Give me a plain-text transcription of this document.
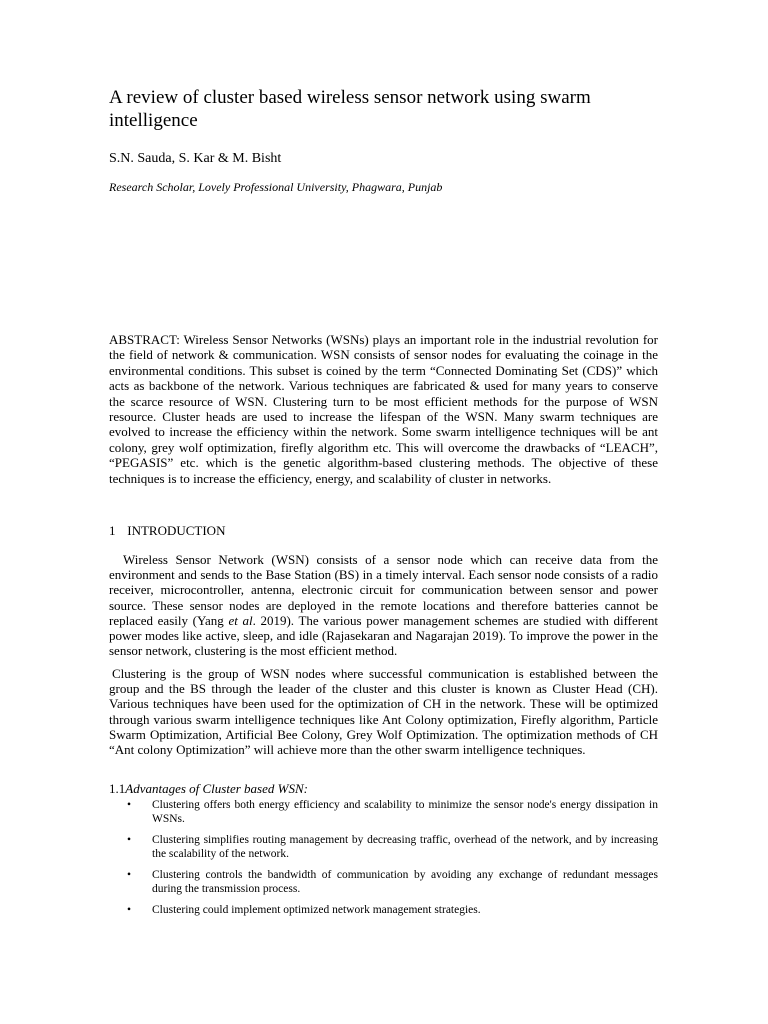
A review of cluster based wireless sensor network using swarm intelligence
S.N. Sauda, S. Kar & M. Bisht
Research Scholar, Lovely Professional University, Phagwara, Punjab

ABSTRACT: Wireless Sensor Networks (WSNs) plays an important role in the industrial revolution for the field of network & communication. WSN consists of sensor nodes for evaluating the coinage in the environmental conditions. This subset is coined by the term “Connected Dominating Set (CDS)” which acts as backbone of the network. Various techniques are fabricated & used for many years to conserve the scarce resource of WSN. Clustering turn to be most efficient methods for the purpose of WSN resource. Cluster heads are used to increase the lifespan of the WSN. Many swarm techniques are evolved to increase the efficiency within the network. Some swarm intelligence techniques will be ant colony, grey wolf optimization, firefly algorithm etc. This will overcome the drawbacks of “LEACH”, “PEGASIS” etc. which is the genetic algorithm-based clustering methods. The objective of these techniques is to increase the efficiency, energy, and scalability of cluster in networks.

1 INTRODUCTION

Wireless Sensor Network (WSN) consists of a sensor node which can receive data from the environment and sends to the Base Station (BS) in a timely interval. Each sensor node consists of a radio receiver, microcontroller, antenna, electronic circuit for communication between sensor and power source. These sensor nodes are deployed in the remote locations and therefore batteries cannot be replaced easily (Yang et al. 2019). The various power management schemes are studied with different power modes like active, sleep, and idle (Rajasekaran and Nagarajan 2019). To improve the power in the sensor network, clustering is the most efficient method.

Clustering is the group of WSN nodes where successful communication is established between the group and the BS through the leader of the cluster and this cluster is known as Cluster Head (CH). Various techniques have been used for the optimization of CH in the network. These will be optimized through various swarm intelligence techniques like Ant Colony optimization, Firefly algorithm, Particle Swarm Optimization, Artificial Bee Colony, Grey Wolf Optimization. The optimization methods of CH “Ant colony Optimization” will achieve more than the other swarm intelligence techniques.

1.1Advantages of Cluster based WSN:
• Clustering offers both energy efficiency and scalability to minimize the sensor node's energy dissipation in WSNs.
• Clustering simplifies routing management by decreasing traffic, overhead of the network, and by increasing the scalability of the network.
• Clustering controls the bandwidth of communication by avoiding any exchange of redundant messages during the transmission process.
• Clustering could implement optimized network management strategies.
